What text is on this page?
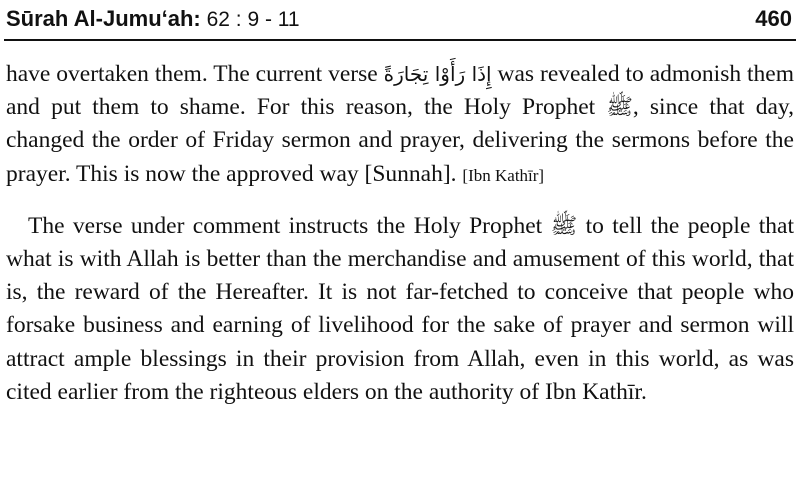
Sūrah Al-Jumu‘ah: 62 : 9 - 11	460

have overtaken them. The current verse إِذَا رَأَوْا تِجَارَةً was revealed to admonish them and put them to shame. For this reason, the Holy Prophet ﷺ, since that day, changed the order of Friday sermon and prayer, delivering the sermons before the prayer. This is now the approved way [Sunnah]. [Ibn Kathīr]

The verse under comment instructs the Holy Prophet ﷺ to tell the people that what is with Allah is better than the merchandise and amusement of this world, that is, the reward of the Hereafter. It is not far-fetched to conceive that people who forsake business and earning of livelihood for the sake of prayer and sermon will attract ample blessings in their provision from Allah, even in this world, as was cited earlier from the righteous elders on the authority of Ibn Kathīr.
